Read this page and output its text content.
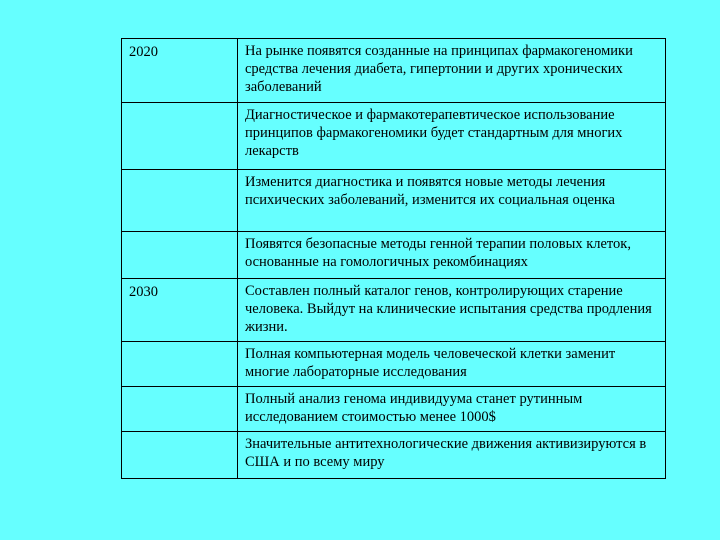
2020	На рынке появятся созданные на принципах фармакогеномики средства лечения диабета, гипертонии и других хронических заболеваний
	Диагностическое и фармакотерапевтическое использование принципов фармакогеномики будет стандартным для многих лекарств
	Изменится диагностика и появятся новые методы лечения психических заболеваний, изменится их социальная оценка
	Появятся безопасные методы генной терапии половых клеток, основанные на гомологичных рекомбинациях
2030	Составлен полный каталог генов, контролирующих старение человека. Выйдут на клинические испытания средства продления жизни.
	Полная компьютерная модель человеческой клетки заменит многие лабораторные исследования
	Полный анализ генома индивидуума станет рутинным исследованием стоимостью менее 1000$
	Значительные антитехнологические движения активизируются в США и по всему миру
